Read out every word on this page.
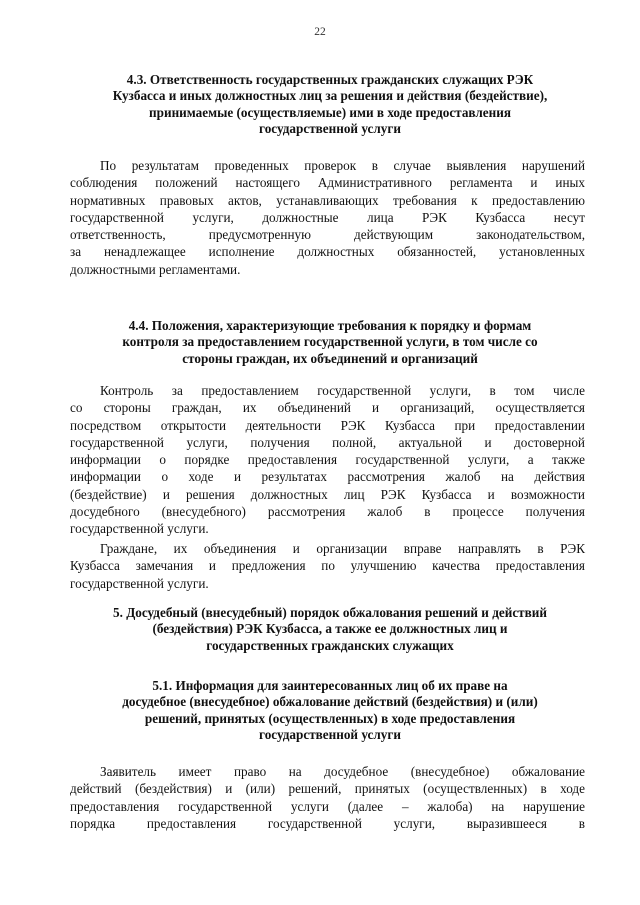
22
4.3. Ответственность государственных гражданских служащих РЭК
Кузбасса и иных должностных лиц за решения и действия (бездействие),
принимаемые (осуществляемые) ими в ходе предоставления
государственной услуги
По результатам проведенных проверок в случае выявления нарушений
соблюдения положений настоящего Административного регламента и иных
нормативных правовых актов, устанавливающих требования к предоставлению
государственной услуги, должностные лица РЭК Кузбасса несут
ответственность, предусмотренную действующим законодательством,
за ненадлежащее исполнение должностных обязанностей, установленных
должностными регламентами.
4.4. Положения, характеризующие требования к порядку и формам
контроля за предоставлением государственной услуги, в том числе со
стороны граждан, их объединений и организаций
Контроль за предоставлением государственной услуги, в том числе
со стороны граждан, их объединений и организаций, осуществляется
посредством открытости деятельности РЭК Кузбасса при предоставлении
государственной услуги, получения полной, актуальной и достоверной
информации о порядке предоставления государственной услуги, а также
информации о ходе и результатах рассмотрения жалоб на действия
(бездействие) и решения должностных лиц РЭК Кузбасса и возможности
досудебного (внесудебного) рассмотрения жалоб в процессе получения
государственной услуги.
Граждане, их объединения и организации вправе направлять в РЭК
Кузбасса замечания и предложения по улучшению качества предоставления
государственной услуги.
5. Досудебный (внесудебный) порядок обжалования решений и действий
(бездействия) РЭК Кузбасса, а также ее должностных лиц и
государственных гражданских служащих
5.1. Информация для заинтересованных лиц об их праве на
досудебное (внесудебное) обжалование действий (бездействия) и (или)
решений, принятых (осуществленных) в ходе предоставления
государственной услуги
Заявитель имеет право на досудебное (внесудебное) обжалование
действий (бездействия) и (или) решений, принятых (осуществленных) в ходе
предоставления государственной услуги (далее – жалоба) на нарушение
порядка предоставления государственной услуги, выразившееся в
